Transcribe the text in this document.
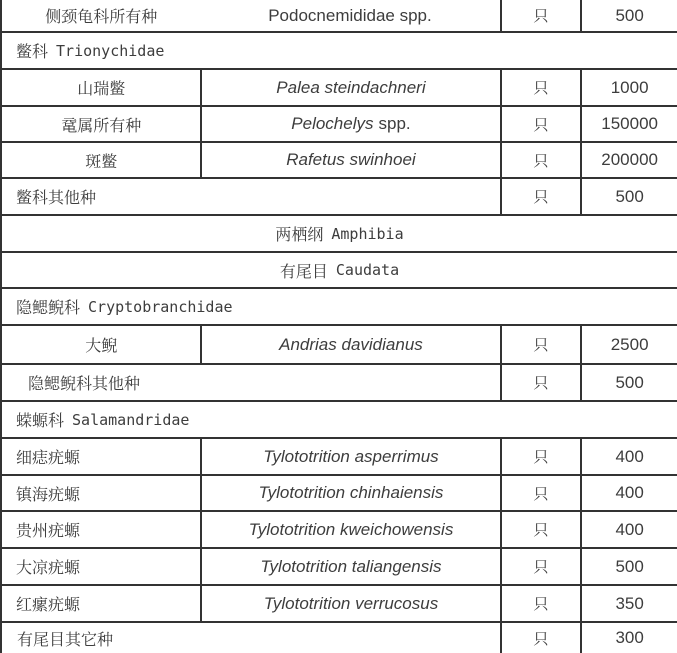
侧颈龟科所有种	Podocnemididae spp.	只	500
鳖科 Trionychidae
山瑞鳖	Palea steindachneri	只	1000
鼋属所有种	Pelochelys spp.	只	150000
斑鳖	Rafetus swinhoei	只	200000
鳖科其他种	只	500
两栖纲 Amphibia
有尾目 Caudata
隐鳃鲵科 Cryptobranchidae
大鲵	Andrias davidianus	只	2500
隐鳃鲵科其他种	只	500
蝾螈科 Salamandridae
细痣疣螈	Tylototrition asperrimus	只	400
镇海疣螈	Tylototrition chinhaiensis	只	400
贵州疣螈	Tylototrition kweichowensis	只	400
大凉疣螈	Tylototrition taliangensis	只	500
红瘰疣螈	Tylototrition verrucosus	只	350
有尾目其它种	只	300
